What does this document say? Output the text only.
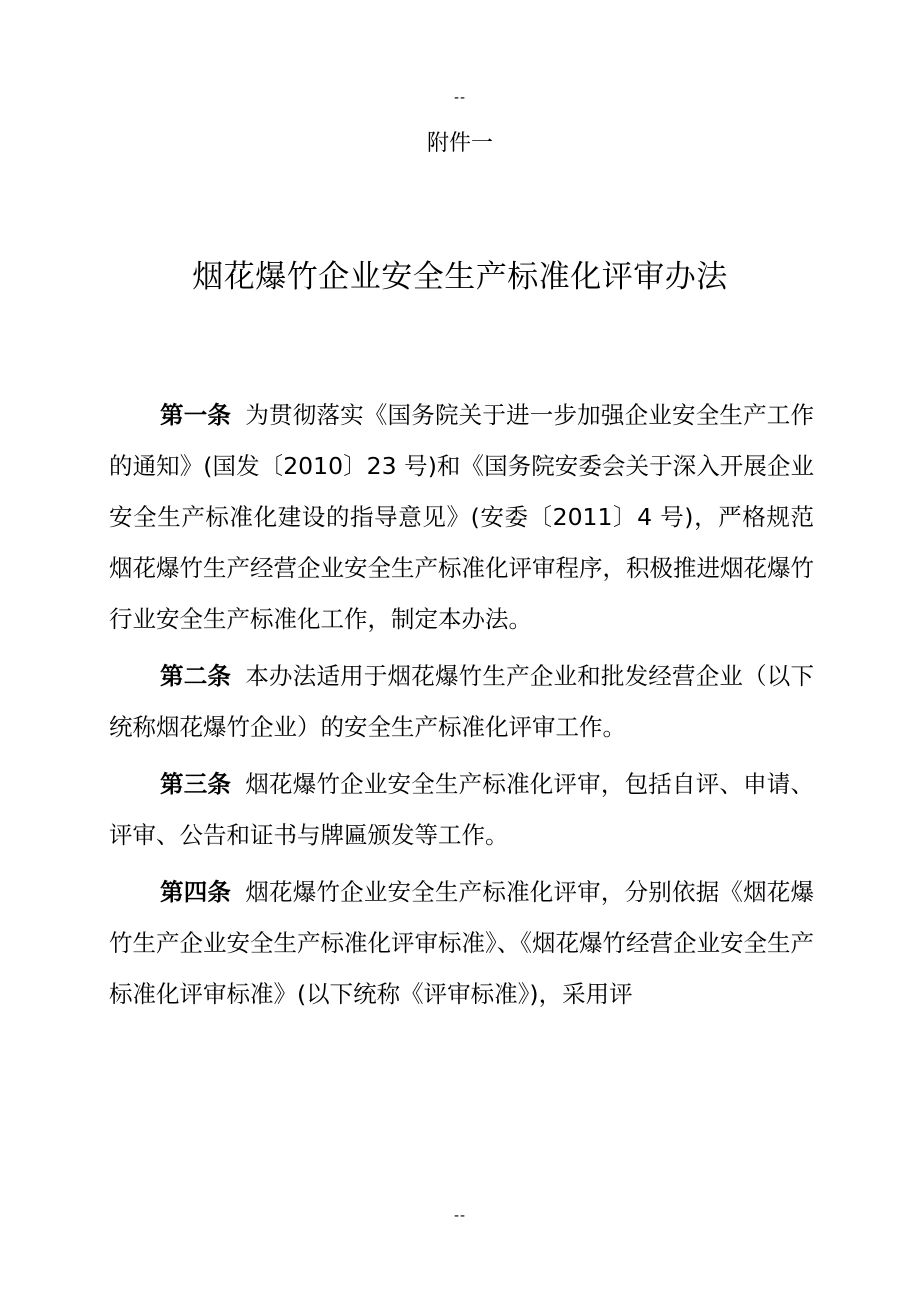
--
附件一
烟花爆竹企业安全生产标准化评审办法

第一条 为贯彻落实《国务院关于进一步加强企业安全生产工作的通知》(国发〔2010〕23 号)和《国务院安委会关于深入开展企业安全生产标准化建设的指导意见》(安委〔2011〕4 号)，严格规范烟花爆竹生产经营企业安全生产标准化评审程序，积极推进烟花爆竹行业安全生产标准化工作，制定本办法。

第二条 本办法适用于烟花爆竹生产企业和批发经营企业（以下统称烟花爆竹企业）的安全生产标准化评审工作。

第三条 烟花爆竹企业安全生产标准化评审，包括自评、申请、评审、公告和证书与牌匾颁发等工作。

第四条 烟花爆竹企业安全生产标准化评审，分别依据《烟花爆竹生产企业安全生产标准化评审标准》、《烟花爆竹经营企业安全生产标准化评审标准》(以下统称《评审标准》)，采用评

--
